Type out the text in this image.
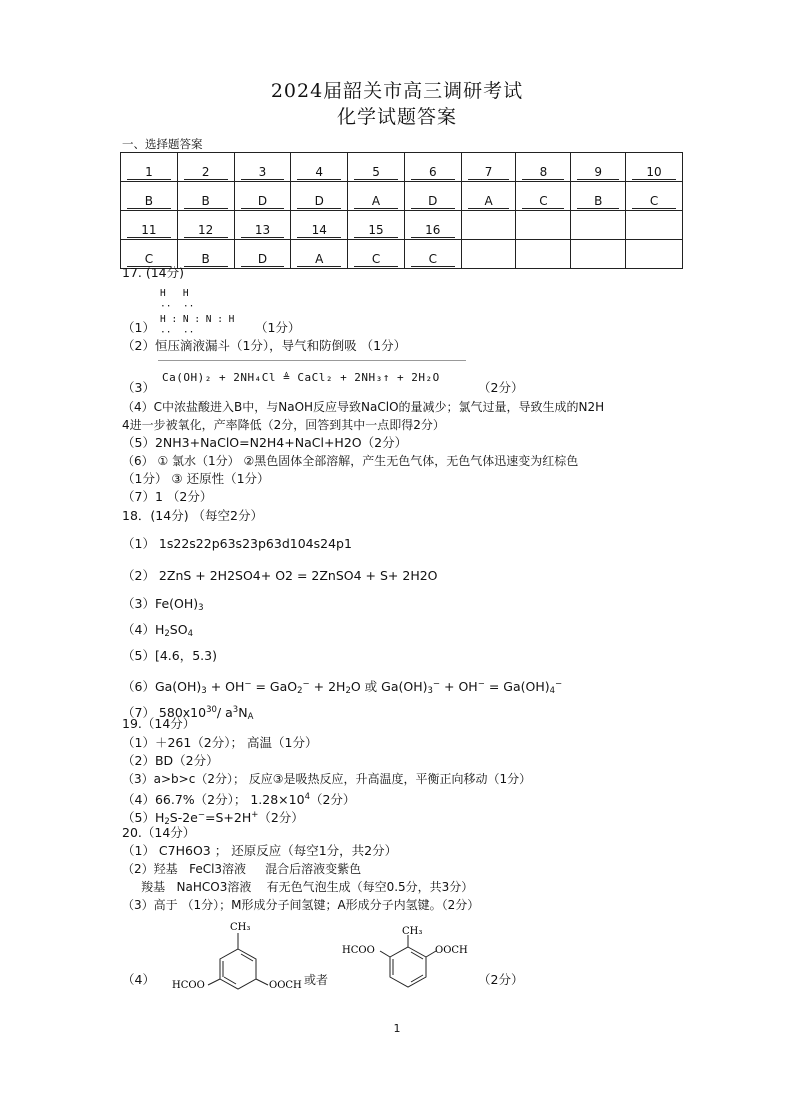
2024届韶关市高三调研考试
化学试题答案
一、选择题答案
1	2	3	4	5	6	7	8	9	10
B	B	D	D	A	D	A	C	B	C
11	12	13	14	15	16				
C	B	D	A	C	C				
17. (14分)
H   H
⋅⋅  ⋅⋅
H : N : N : H
⋅⋅  ⋅⋅
（1）	（1分）
（2）恒压滴液漏斗（1分），导气和防倒吸 （1分）
（3）
Ca(OH)₂ + 2NH₄Cl ≜ CaCl₂ + 2NH₃↑ + 2H₂O
（2分）
（4）C中浓盐酸进入B中，与NaOH反应导致NaClO的量减少；氯气过量，导致生成的N2H
4进一步被氧化，产率降低（2分，回答到其中一点即得2分）
（5）2NH3+NaClO=N2H4+NaCl+H2O（2分）
（6） ① 氯水（1分） ②黑色固体全部溶解，产生无色气体，无色气体迅速变为红棕色
（1分） ③ 还原性（1分）
（7）1 （2分）
18．(14分) （每空2分）
（1） 1s22s22p63s23p63d104s24p1
（2） 2ZnS + 2H2SO4+ O2 = 2ZnSO4 + S+ 2H2O
$(3)Fe(OH)_3$
$(4)H_2SO_4$
（5）[4.6，5.3)
$(6)Ga(OH)_3 + OH^- = GaO_2^- + 2H_2O$ 或 $Ga(OH)_3^- + OH^- = Ga(OH)_4^-$
（7） $580x10^{30}/$ $a^3N_A$
19.（14分）
（1）＋261（2分）； 高温（1分）
（2）BD（2分）
（3）a>b>c（2分）； 反应③是吸热反应，升高温度，平衡正向移动（1分）
（4）66.7%（2分）； $1.28\times 10^4(2$分）
$(5)H_2S-2e^-=S+2H^+(2$分）
20.（14分）
（1） C7H6O3 ； 还原反应（每空1分，共2分）
（2）羟基   FeCl3溶液     混合后溶液变紫色
羧基   NaHCO3溶液    有无色气泡生成（每空0.5分，共3分）
（3）高于 （1分）；M形成分子间氢键；A形成分子内氢键。（2分）
（4）
CH₃
HCOO	OOCH 或者
HCOO
CH₃
OOCH
（2分）
1
